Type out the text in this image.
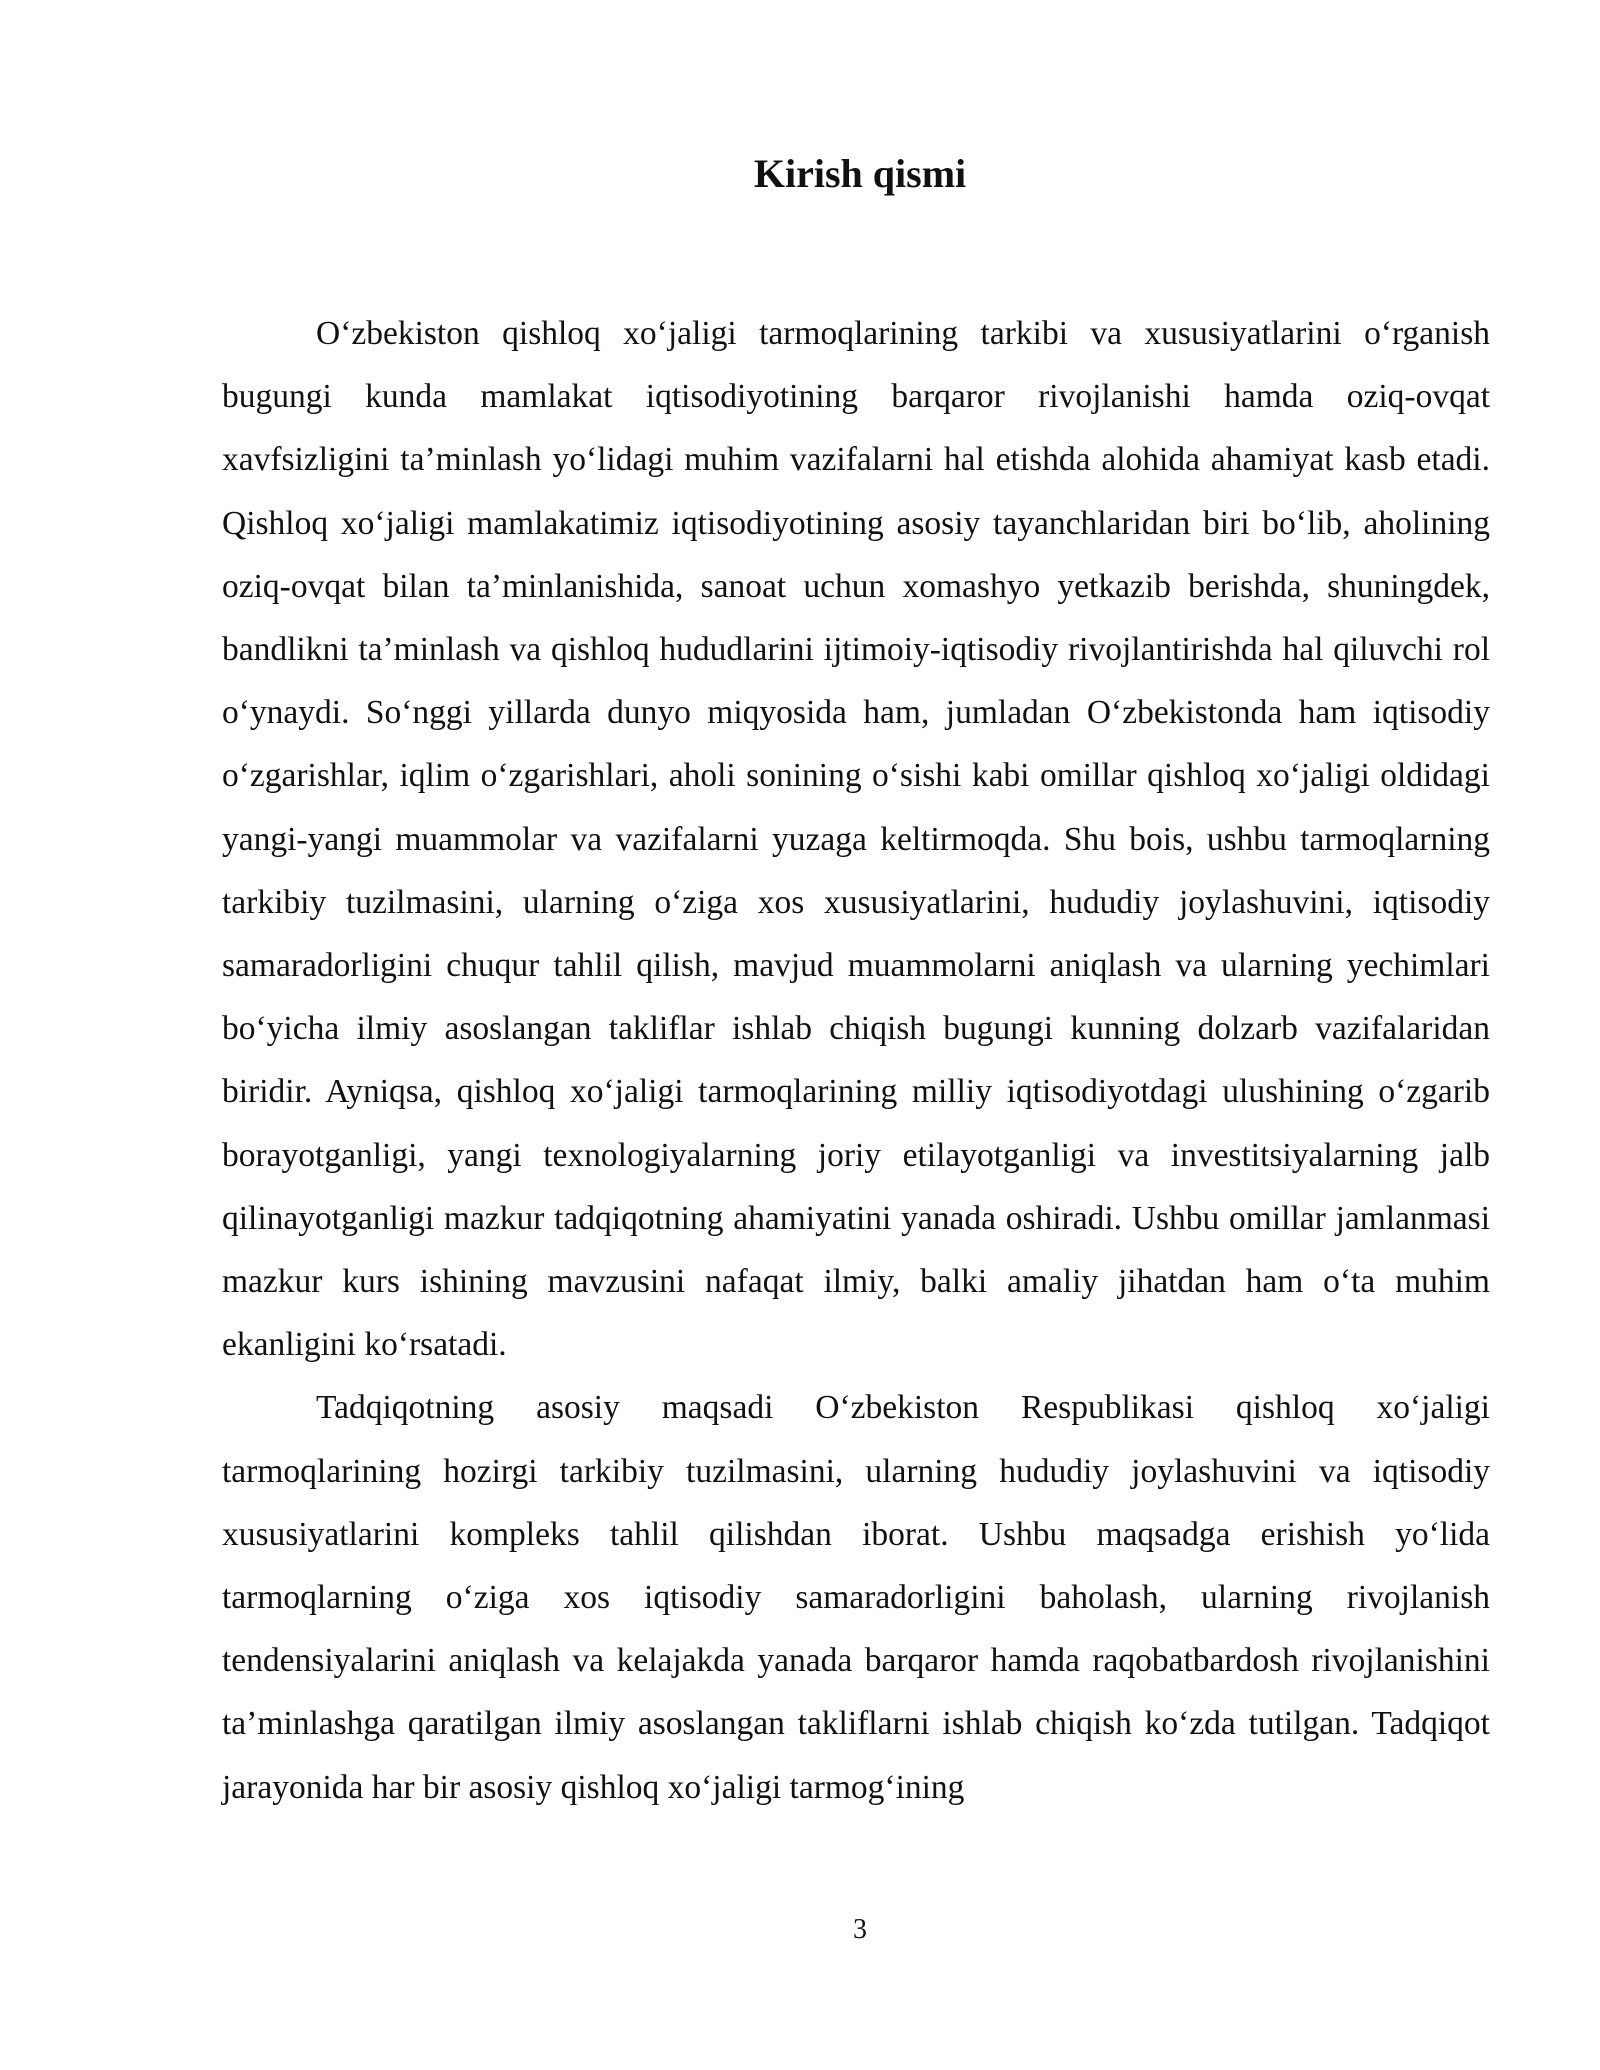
Kirish qismi

O‘zbekiston qishloq xo‘jaligi tarmoqlarining tarkibi va xususiyatlarini o‘rganish bugungi kunda mamlakat iqtisodiyotining barqaror rivojlanishi hamda oziq-ovqat xavfsizligini ta’minlash yo‘lidagi muhim vazifalarni hal etishda alohida ahamiyat kasb etadi. Qishloq xo‘jaligi mamlakatimiz iqtisodiyotining asosiy tayanchlaridan biri bo‘lib, aholining oziq-ovqat bilan ta’minlanishida, sanoat uchun xomashyo yetkazib berishda, shuningdek, bandlikni ta’minlash va qishloq hududlarini ijtimoiy-iqtisodiy rivojlantirishda hal qiluvchi rol o‘ynaydi. So‘nggi yillarda dunyo miqyosida ham, jumladan O‘zbekistonda ham iqtisodiy o‘zgarishlar, iqlim o‘zgarishlari, aholi sonining o‘sishi kabi omillar qishloq xo‘jaligi oldidagi yangi-yangi muammolar va vazifalarni yuzaga keltirmoqda. Shu bois, ushbu tarmoqlarning tarkibiy tuzilmasini, ularning o‘ziga xos xususiyatlarini, hududiy joylashuvini, iqtisodiy samaradorligini chuqur tahlil qilish, mavjud muammolarni aniqlash va ularning yechimlari bo‘yicha ilmiy asoslangan takliflar ishlab chiqish bugungi kunning dolzarb vazifalaridan biridir. Ayniqsa, qishloq xo‘jaligi tarmoqlarining milliy iqtisodiyotdagi ulushining o‘zgarib borayotganligi, yangi texnologiyalarning joriy etilayotganligi va investitsiyalarning jalb qilinayotganligi mazkur tadqiqotning ahamiyatini yanada oshiradi. Ushbu omillar jamlanmasi mazkur kurs ishining mavzusini nafaqat ilmiy, balki amaliy jihatdan ham o‘ta muhim ekanligini ko‘rsatadi.

Tadqiqotning asosiy maqsadi O‘zbekiston Respublikasi qishloq xo‘jaligi tarmoqlarining hozirgi tarkibiy tuzilmasini, ularning hududiy joylashuvini va iqtisodiy xususiyatlarini kompleks tahlil qilishdan iborat. Ushbu maqsadga erishish yo‘lida tarmoqlarning o‘ziga xos iqtisodiy samaradorligini baholash, ularning rivojlanish tendensiyalarini aniqlash va kelajakda yanada barqaror hamda raqobatbardosh rivojlanishini ta’minlashga qaratilgan ilmiy asoslangan takliflarni ishlab chiqish ko‘zda tutilgan. Tadqiqot jarayonida har bir asosiy qishloq xo‘jaligi tarmog‘ining

3
